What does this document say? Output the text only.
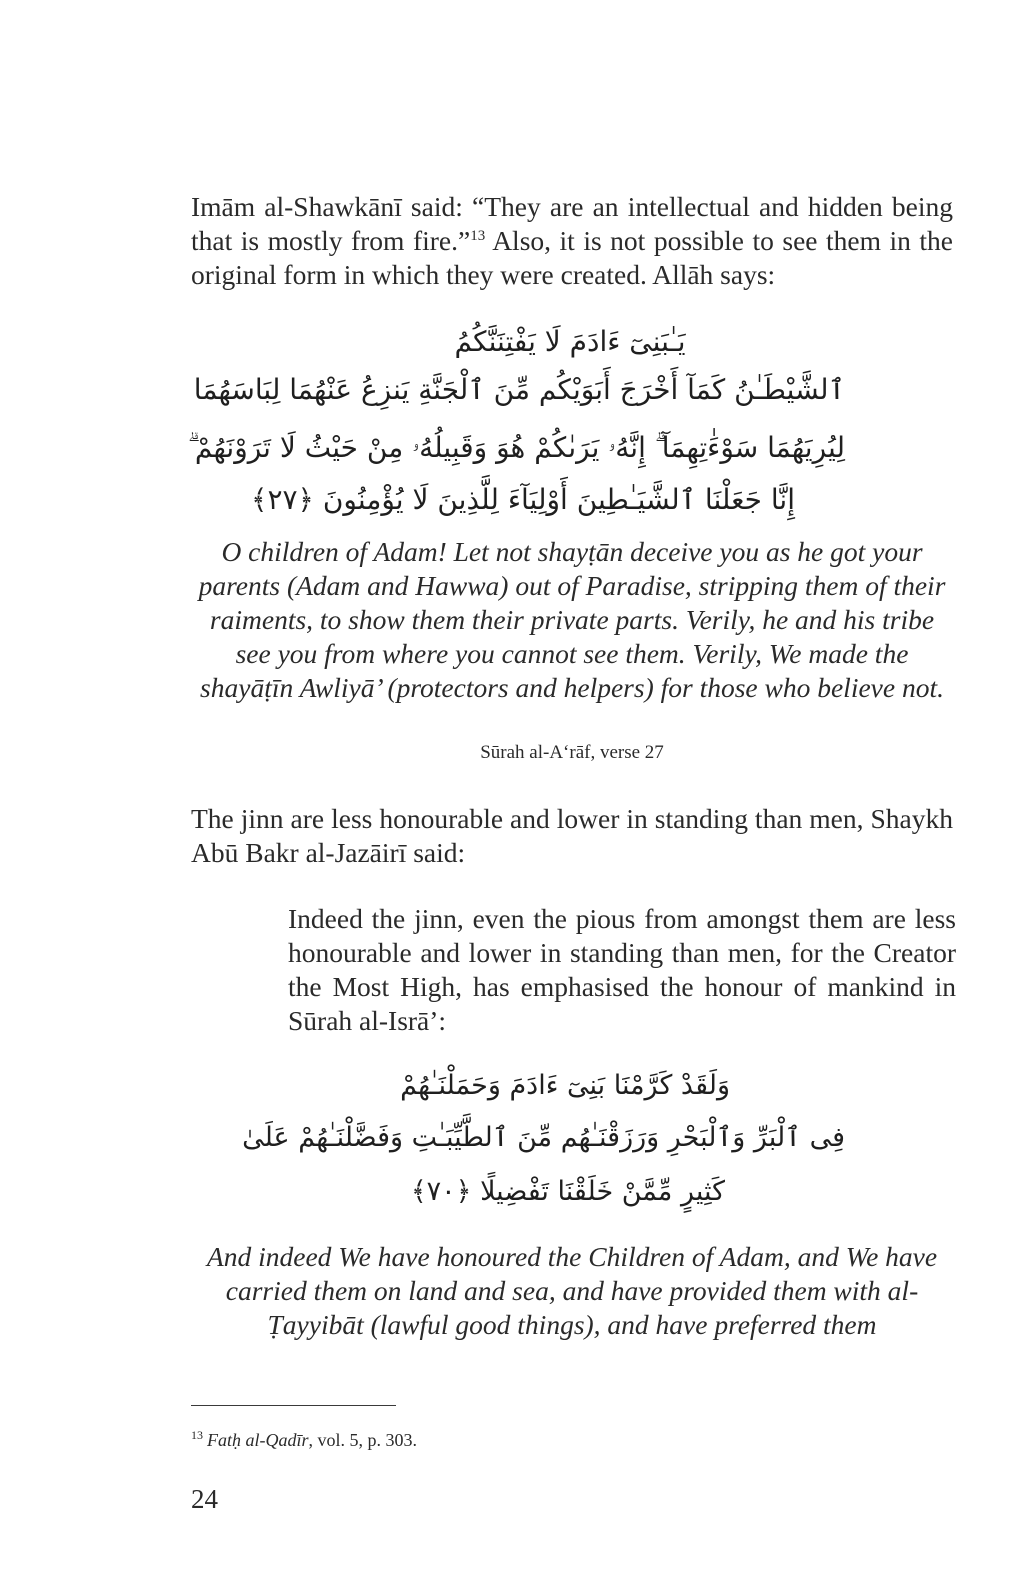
Imām al-Shawkānī said: “They are an intellectual and hidden being that is mostly from fire.”$^{13}$ Also, it is not possible to see them in the original form in which they were created. Allāh says:

يَـٰبَنِىٓ ءَادَمَ لَا يَفْتِنَنَّكُمُ
ٱلشَّيْطَـٰنُ كَمَآ أَخْرَجَ أَبَوَيْكُم مِّنَ ٱلْجَنَّةِ يَنزِعُ عَنْهُمَا لِبَاسَهُمَا
لِيُرِيَهُمَا سَوْءَٰتِهِمَآ ۗ إِنَّهُۥ يَرَىٰكُمْ هُوَ وَقَبِيلُهُۥ مِنْ حَيْثُ لَا تَرَوْنَهُمْ ۗ
إِنَّا جَعَلْنَا ٱلشَّيَـٰطِينَ أَوْلِيَآءَ لِلَّذِينَ لَا يُؤْمِنُونَ ﴿٢٧﴾

O children of Adam! Let not shayṭān deceive you as he got your parents (Adam and Hawwa) out of Paradise, stripping them of their raiments, to show them their private parts. Verily, he and his tribe see you from where you cannot see them. Verily, We made the shayāṭīn Awliyā’ (protectors and helpers) for those who believe not.

Sūrah al-A‘rāf, verse 27

The jinn are less honourable and lower in standing than men, Shaykh Abū Bakr al-Jazāirī said:

Indeed the jinn, even the pious from amongst them are less honourable and lower in standing than men, for the Creator the Most High, has emphasised the honour of mankind in Sūrah al-Isrā’:

وَلَقَدْ كَرَّمْنَا بَنِىٓ ءَادَمَ وَحَمَلْنَـٰهُمْ
فِى ٱلْبَرِّ وَٱلْبَحْرِ وَرَزَقْنَـٰهُم مِّنَ ٱلطَّيِّبَـٰتِ وَفَضَّلْنَـٰهُمْ عَلَىٰ
كَثِيرٍ مِّمَّنْ خَلَقْنَا تَفْضِيلًا ﴿٧٠﴾

And indeed We have honoured the Children of Adam, and We have carried them on land and sea, and have provided them with al-Ṭayyibāt (lawful good things), and have preferred them

$^{13}$ Fatḥ al-Qadīr, vol. 5, p. 303.
24
